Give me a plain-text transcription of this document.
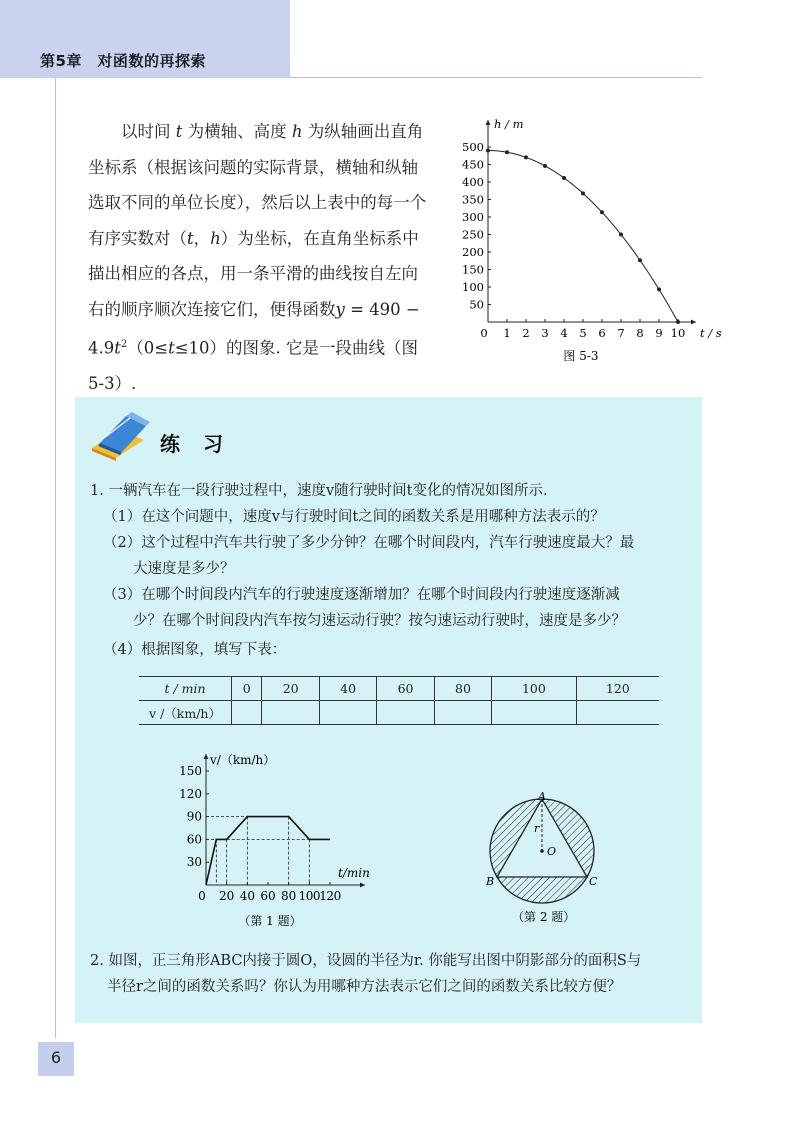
第5章　对函数的再探索

以时间 t 为横轴、高度 h 为纵轴画出直角坐标系（根据该问题的实际背景，横轴和纵轴选取不同的单位长度），然后以上表中的每一个有序实数对（t，h）为坐标，在直角坐标系中描出相应的各点，用一条平滑的曲线按自左向右的顺序顺次连接它们，便得函数$y = 490 - 4.9t^2(0\le t\le 10)$的图象. 它是一段曲线（图 5-3）.

50
100
150
200
250
300
350
400
450
500
0 1 2 3 4 5 6 7 8 9 10 t / s
h / m
图 5-3
练 习
1. 一辆汽车在一段行驶过程中，速度v随行驶时间t变化的情况如图所示.
（1）在这个问题中，速度v与行驶时间t之间的函数关系是用哪种方法表示的？
（2）这个过程中汽车共行驶了多少分钟？在哪个时间段内，汽车行驶速度最大？最
大速度是多少？
（3）在哪个时间段内汽车的行驶速度逐渐增加？在哪个时间段内行驶速度逐渐减
少？在哪个时间段内汽车按匀速运动行驶？按匀速运动行驶时，速度是多少？
（4）根据图象，填写下表：
t / min	0	20	40	60	80	100	120
v /（km/h）							
30
60
90
120
150
0 20 40 60 80 100 120
t/min
v/（km/h）
（第 1 题）
A
B	C
O
r
（第 2 题）
2. 如图，正三角形ABC内接于圆O，设圆的半径为r. 你能写出图中阴影部分的面积S与
半径r之间的函数关系吗？你认为用哪种方法表示它们之间的函数关系比较方便？
6
